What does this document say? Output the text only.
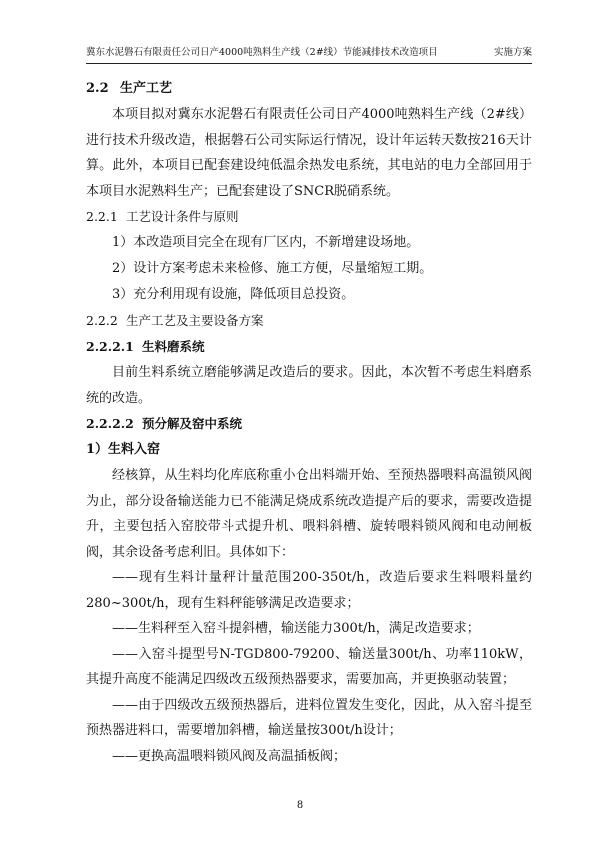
冀东水泥磐石有限责任公司日产4000吨熟料生产线（2#线）节能减排技术改造项目	实施方案

2.2 生产工艺

本项目拟对冀东水泥磐石有限责任公司日产4000吨熟料生产线（2#线）进行技术升级改造，根据磐石公司实际运行情况，设计年运转天数按216天计算。此外，本项目已配套建设纯低温余热发电系统，其电站的电力全部回用于本项目水泥熟料生产；已配套建设了SNCR脱硝系统。

2.2.1 工艺设计条件与原则

1）本改造项目完全在现有厂区内，不新增建设场地。

2）设计方案考虑未来检修、施工方便，尽量缩短工期。

3）充分利用现有设施，降低项目总投资。

2.2.2 生产工艺及主要设备方案

2.2.2.1 生料磨系统

目前生料系统立磨能够满足改造后的要求。因此，本次暂不考虑生料磨系统的改造。

2.2.2.2 预分解及窑中系统

1）生料入窑

经核算，从生料均化库底称重小仓出料端开始、至预热器喂料高温锁风阀为止，部分设备输送能力已不能满足烧成系统改造提产后的要求，需要改造提升，主要包括入窑胶带斗式提升机、喂料斜槽、旋转喂料锁风阀和电动闸板阀，其余设备考虑利旧。具体如下：

——现有生料计量秤计量范围200-350t/h，改造后要求生料喂料量约280~300t/h，现有生料秤能够满足改造要求；

——生料秤至入窑斗提斜槽，输送能力300t/h，满足改造要求；

——入窑斗提型号N-TGD800-79200、输送量300t/h、功率110kW，其提升高度不能满足四级改五级预热器要求，需要加高，并更换驱动装置；

——由于四级改五级预热器后，进料位置发生变化，因此，从入窑斗提至预热器进料口，需要增加斜槽，输送量按300t/h设计；

——更换高温喂料锁风阀及高温插板阀；

8
